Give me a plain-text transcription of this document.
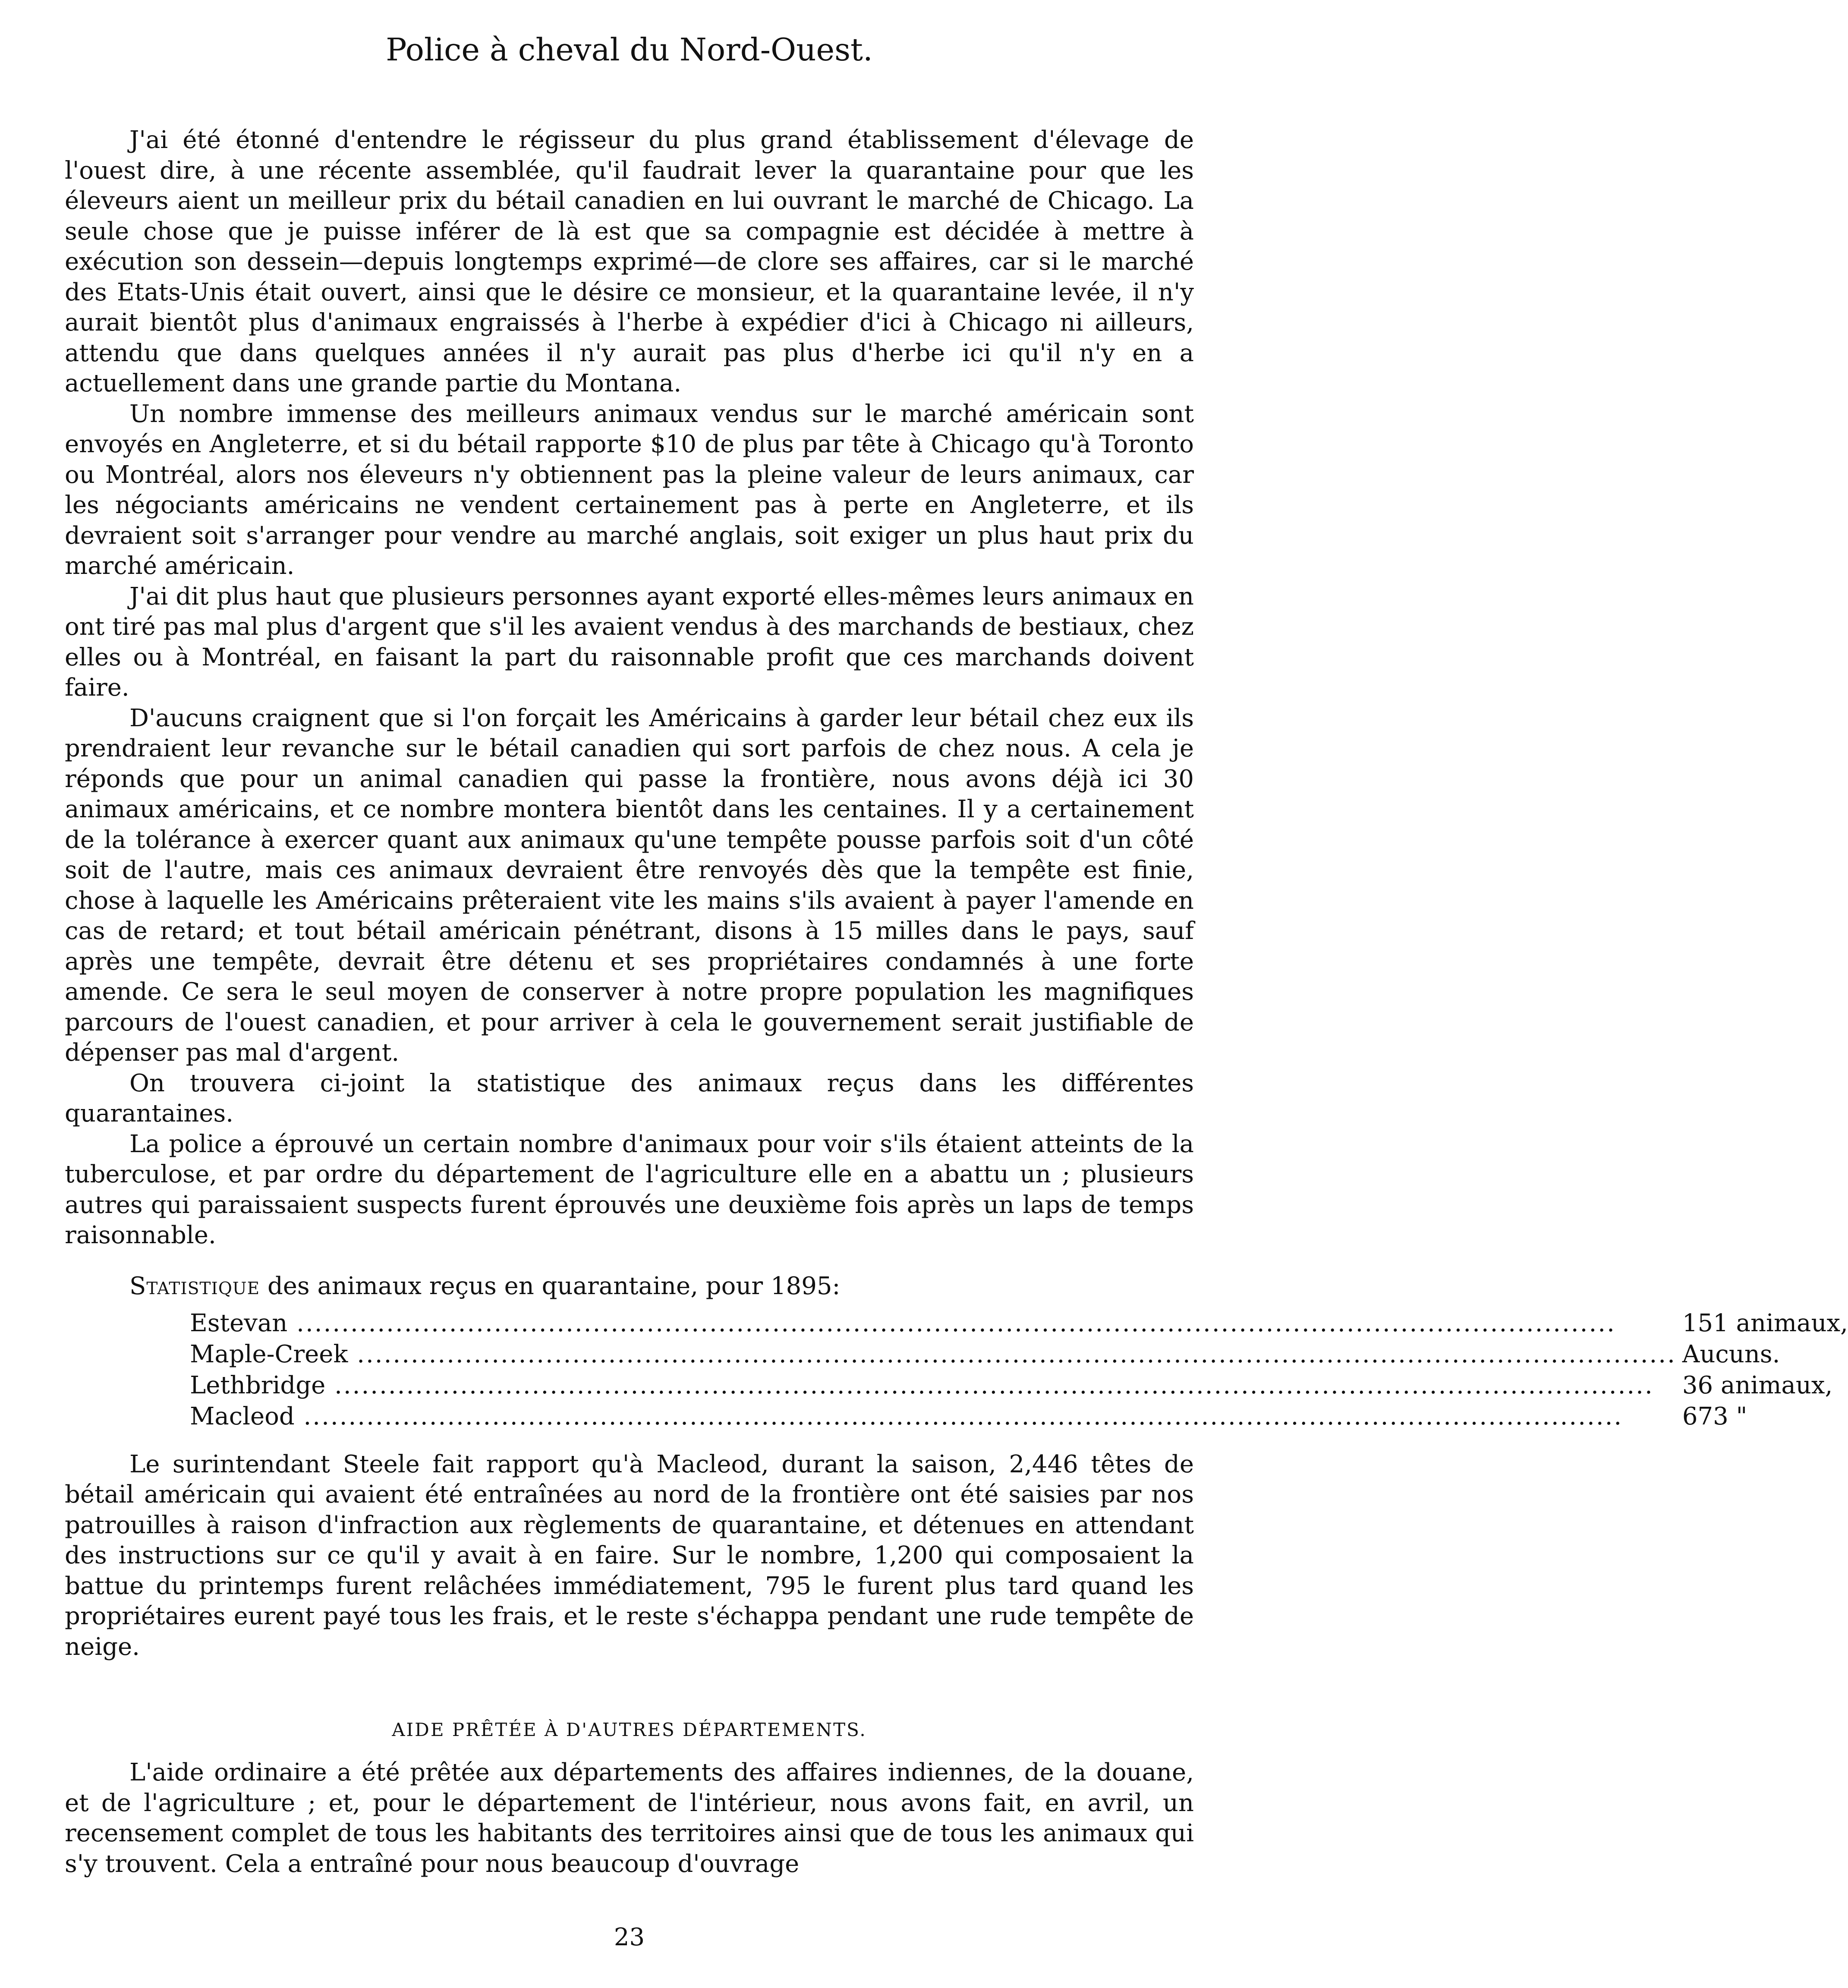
Police à cheval du Nord-Ouest.

J'ai été étonné d'entendre le régisseur du plus grand établissement d'élevage de l'ouest dire, à une récente assemblée, qu'il faudrait lever la quarantaine pour que les éleveurs aient un meilleur prix du bétail canadien en lui ouvrant le marché de Chicago. La seule chose que je puisse inférer de là est que sa compagnie est décidée à mettre à exécution son dessein—depuis longtemps exprimé—de clore ses affaires, car si le marché des Etats-Unis était ouvert, ainsi que le désire ce monsieur, et la quarantaine levée, il n'y aurait bientôt plus d'animaux engraissés à l'herbe à expédier d'ici à Chicago ni ailleurs, attendu que dans quelques années il n'y aurait pas plus d'herbe ici qu'il n'y en a actuellement dans une grande partie du Montana.

Un nombre immense des meilleurs animaux vendus sur le marché américain sont envoyés en Angleterre, et si du bétail rapporte $10 de plus par tête à Chicago qu'à Toronto ou Montréal, alors nos éleveurs n'y obtiennent pas la pleine valeur de leurs animaux, car les négociants américains ne vendent certainement pas à perte en Angleterre, et ils devraient soit s'arranger pour vendre au marché anglais, soit exiger un plus haut prix du marché américain.

J'ai dit plus haut que plusieurs personnes ayant exporté elles-mêmes leurs animaux en ont tiré pas mal plus d'argent que s'il les avaient vendus à des marchands de bestiaux, chez elles ou à Montréal, en faisant la part du raisonnable profit que ces marchands doivent faire.

D'aucuns craignent que si l'on forçait les Américains à garder leur bétail chez eux ils prendraient leur revanche sur le bétail canadien qui sort parfois de chez nous. A cela je réponds que pour un animal canadien qui passe la frontière, nous avons déjà ici 30 animaux américains, et ce nombre montera bientôt dans les centaines. Il y a certainement de la tolérance à exercer quant aux animaux qu'une tempête pousse parfois soit d'un côté soit de l'autre, mais ces animaux devraient être renvoyés dès que la tempête est finie, chose à laquelle les Américains prêteraient vite les mains s'ils avaient à payer l'amende en cas de retard; et tout bétail américain pénétrant, disons à 15 milles dans le pays, sauf après une tempête, devrait être détenu et ses propriétaires condamnés à une forte amende. Ce sera le seul moyen de conserver à notre propre population les magnifiques parcours de l'ouest canadien, et pour arriver à cela le gouvernement serait justifiable de dépenser pas mal d'argent.

On trouvera ci-joint la statistique des animaux reçus dans les différentes quarantaines.

La police a éprouvé un certain nombre d'animaux pour voir s'ils étaient atteints de la tuberculose, et par ordre du département de l'agriculture elle en a abattu un ; plusieurs autres qui paraissaient suspects furent éprouvés une deuxième fois après un laps de temps raisonnable.

Statistique des animaux reçus en quarantaine, pour 1895:
Estevan.....	151 animaux,
Maple-Creek.....	Aucuns.
Lethbridge.....	36 animaux,
Macleod.....	673 "

Le surintendant Steele fait rapport qu'à Macleod, durant la saison, 2,446 têtes de bétail américain qui avaient été entraînées au nord de la frontière ont été saisies par nos patrouilles à raison d'infraction aux règlements de quarantaine, et détenues en attendant des instructions sur ce qu'il y avait à en faire. Sur le nombre, 1,200 qui composaient la battue du printemps furent relâchées immédiatement, 795 le furent plus tard quand les propriétaires eurent payé tous les frais, et le reste s'échappa pendant une rude tempête de neige.

AIDE PRÊTÉE À D'AUTRES DÉPARTEMENTS.

L'aide ordinaire a été prêtée aux départements des affaires indiennes, de la douane, et de l'agriculture ; et, pour le département de l'intérieur, nous avons fait, en avril, un recensement complet de tous les habitants des territoires ainsi que de tous les animaux qui s'y trouvent. Cela a entraîné pour nous beaucoup d'ouvrage

23
